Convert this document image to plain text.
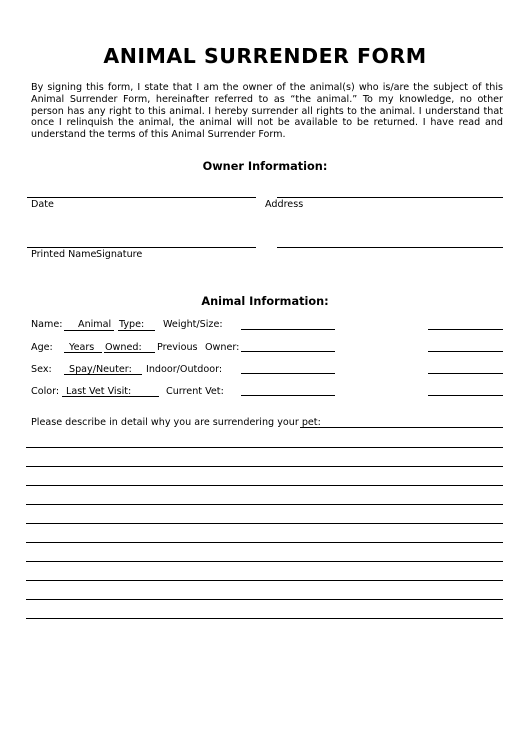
ANIMAL SURRENDER FORM
By signing this form, I state that I am the owner of the animal(s) who is/are the subject of this Animal Surrender Form, hereinafter referred to as “the animal.” To my knowledge, no other person has any right to this animal. I hereby surrender all rights to the animal. I understand that once I relinquish the animal, the animal will not be available to be returned. I have read and understand the terms of this Animal Surrender Form.
Owner Information:
Date	Address
Printed Name Signature
Animal Information:
Name: Animal Type: Weight/Size:
Age: Years Owned: Previous Owner:
Sex: Spay/Neuter: Indoor/Outdoor:
Color: Last Vet Visit:	Current Vet:
Please describe in detail why you are surrendering your pet:
